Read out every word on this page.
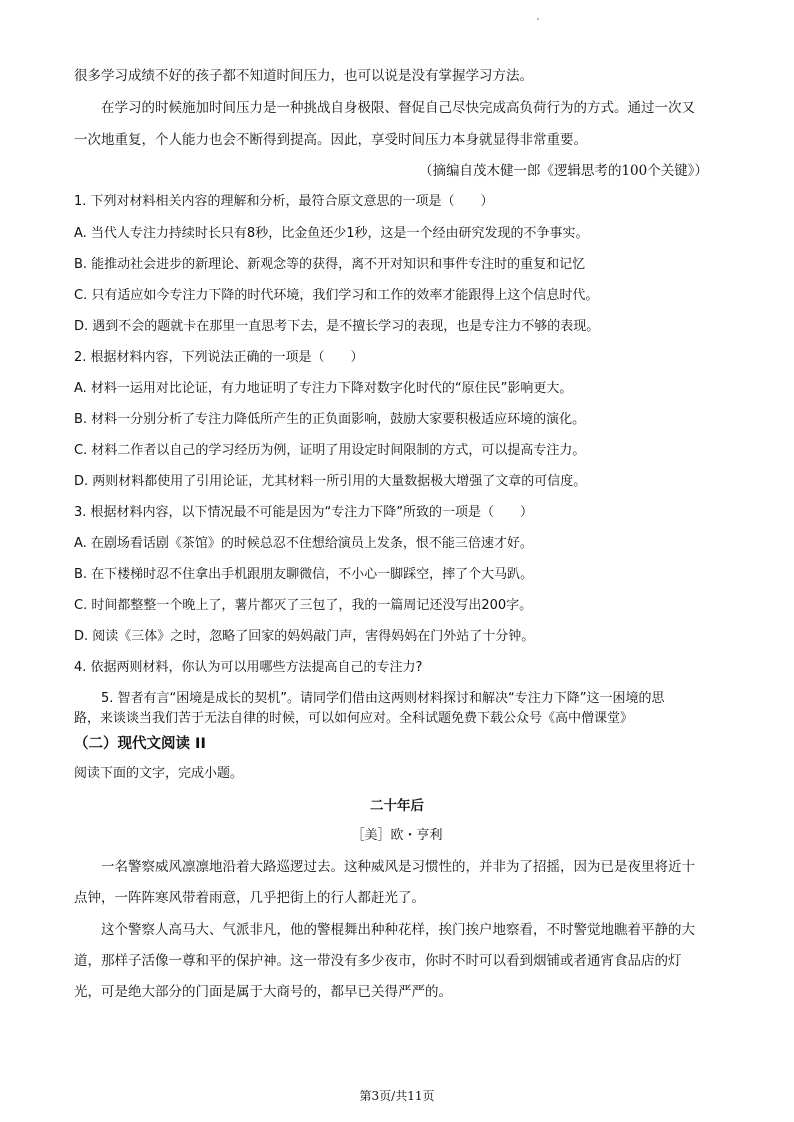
很多学习成绩不好的孩子都不知道时间压力，也可以说是没有掌握学习方法。
在学习的时候施加时间压力是一种挑战自身极限、督促自己尽快完成高负荷行为的方式。通过一次又
一次地重复，个人能力也会不断得到提高。因此，享受时间压力本身就显得非常重要。
（摘编自茂木健一郎《逻辑思考的100个关键》）
1. 下列对材料相关内容的理解和分析，最符合原文意思的一项是（　　）
A. 当代人专注力持续时长只有8秒，比金鱼还少1秒，这是一个经由研究发现的不争事实。
B. 能推动社会进步的新理论、新观念等的获得，离不开对知识和事件专注时的重复和记忆
C. 只有适应如今专注力下降的时代环境，我们学习和工作的效率才能跟得上这个信息时代。
D. 遇到不会的题就卡在那里一直思考下去，是不擅长学习的表现，也是专注力不够的表现。
2. 根据材料内容，下列说法正确的一项是（　　）
A. 材料一运用对比论证，有力地证明了专注力下降对数字化时代的“原住民”影响更大。
B. 材料一分别分析了专注力降低所产生的正负面影响，鼓励大家要积极适应环境的演化。
C. 材料二作者以自己的学习经历为例，证明了用设定时间限制的方式，可以提高专注力。
D. 两则材料都使用了引用论证，尤其材料一所引用的大量数据极大增强了文章的可信度。
3. 根据材料内容，以下情况最不可能是因为“专注力下降”所致的一项是（　　）
A. 在剧场看话剧《茶馆》的时候总忍不住想给演员上发条，恨不能三倍速才好。
B. 在下楼梯时忍不住拿出手机跟朋友聊微信，不小心一脚踩空，摔了个大马趴。
C. 时间都整整一个晚上了，薯片都灭了三包了，我的一篇周记还没写出200字。
D. 阅读《三体》之时，忽略了回家的妈妈敲门声，害得妈妈在门外站了十分钟。
4. 依据两则材料，你认为可以用哪些方法提高自己的专注力?
5. 智者有言“困境是成长的契机”。请同学们借由这两则材料探讨和解决“专注力下降”这一困境的思
路，来谈谈当我们苦于无法自律的时候，可以如何应对。全科试题免费下载公众号《高中僧课堂》
（二）现代文阅读 II
阅读下面的文字，完成小题。
二十年后
［美］欧・亨利
一名警察威风凛凛地沿着大路巡逻过去。这种威风是习惯性的，并非为了招摇，因为已是夜里将近十
点钟，一阵阵寒风带着雨意，几乎把街上的行人都赶光了。
这个警察人高马大、气派非凡，他的警棍舞出种种花样，挨门挨户地察看，不时警觉地瞧着平静的大
道，那样子活像一尊和平的保护神。这一带没有多少夜市，你时不时可以看到烟铺或者通宵食品店的灯
光，可是绝大部分的门面是属于大商号的，都早已关得严严的。
第3页/共11页
